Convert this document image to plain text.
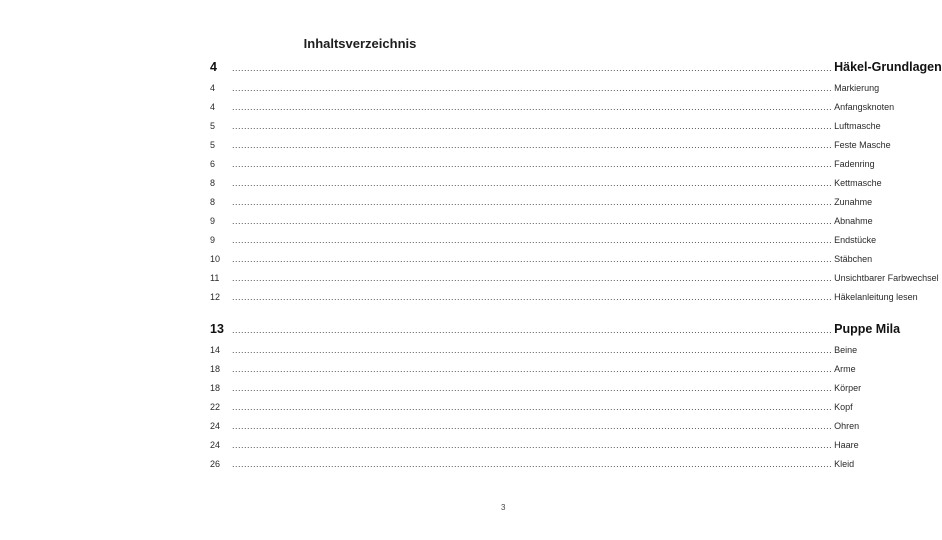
Inhaltsverzeichnis
4	........................................................................................................................................................................................................ Häkel-Grundlagen
4	........................................................................................................................................................................................................ Markierung
4	........................................................................................................................................................................................................ Anfangsknoten
5	........................................................................................................................................................................................................ Luftmasche
5	........................................................................................................................................................................................................ Feste Masche
6	........................................................................................................................................................................................................ Fadenring
8	........................................................................................................................................................................................................ Kettmasche
8	........................................................................................................................................................................................................ Zunahme
9	........................................................................................................................................................................................................ Abnahme
9	........................................................................................................................................................................................................ Endstücke
10	........................................................................................................................................................................................................ Stäbchen
11	........................................................................................................................................................................................................ Unsichtbarer Farbwechsel
12	........................................................................................................................................................................................................ Häkelanleitung lesen
13 ........................................................................................................................................................................................................ Puppe Mila
14	........................................................................................................................................................................................................ Beine
18	........................................................................................................................................................................................................ Arme
18	........................................................................................................................................................................................................ Körper
22	........................................................................................................................................................................................................ Kopf
24	........................................................................................................................................................................................................ Ohren
24	........................................................................................................................................................................................................ Haare
26	........................................................................................................................................................................................................ Kleid
3
